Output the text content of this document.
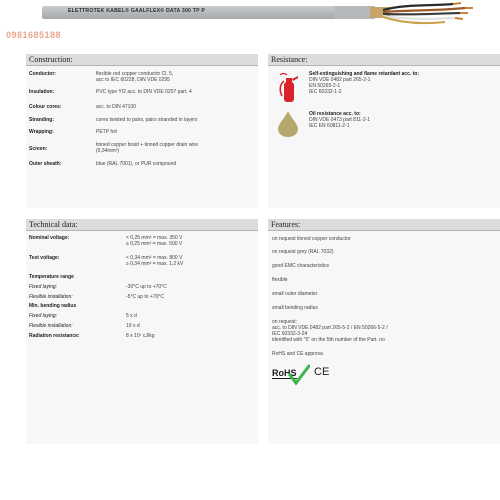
ELETTROTEK KABEL® GAALFLEX® DATA 300 TP P
0981685188
Construction:
Conductor:	flexible red copper conductor Cl. 5,
acc to IEC 60228, DIN VDE 0295
Insulation:	PVC type YI2 acc. to DIN VDE 0207 part. 4
Colour cores:	acc. to DIN 47100
Stranding:	cores twisted to pairs, pairs stranded in layers
Wrapping:	PETP foil
Screen:
tinned copper braid + tinned copper drain wire
(0,34mm²)
Outer sheath:	blue (RAL 7001), or PUR compound
Resistance:
Self-extinguishing and flame retardant acc. to:
DIN VDE 0482 part 265-2-1
EN 50265-2-1
IEC 60332-1-2
Oil resistance acc. to:
DIN VDE 0473 part 811-2-1
IEC EN 60811-2-1
Technical data:
Nominal voltage:	< 0,25 mm² = max. 350 V
≥ 0,25 mm² = max. 500 V
Test voltage:	< 0,34 mm² = max. 800 V
≥ 0,34 mm² = max. 1,2 kV
Temperature range
Fixed laying:	-30°C up to +70°C
Flexible installation:	-5°C up to +70°C
Min. bending radius
Fixed laying:	5 x d
Flexible installation:	10 x d
Radiation resistance:	8 x 10⁷ cJ/kg
Features:
on request tinned copper conductor
on request grey (RAL 7032)
good EMC characteristics
flexible
small outer diameter
small bending radius
on request:
acc. to DIN VDE 0482 part 265-5-2 / EN 50266-5-2 /
IEC 60332-3-24
identified with "5" on the 5th number of the Part. no
RoHS and CE approva
RoHS CE
